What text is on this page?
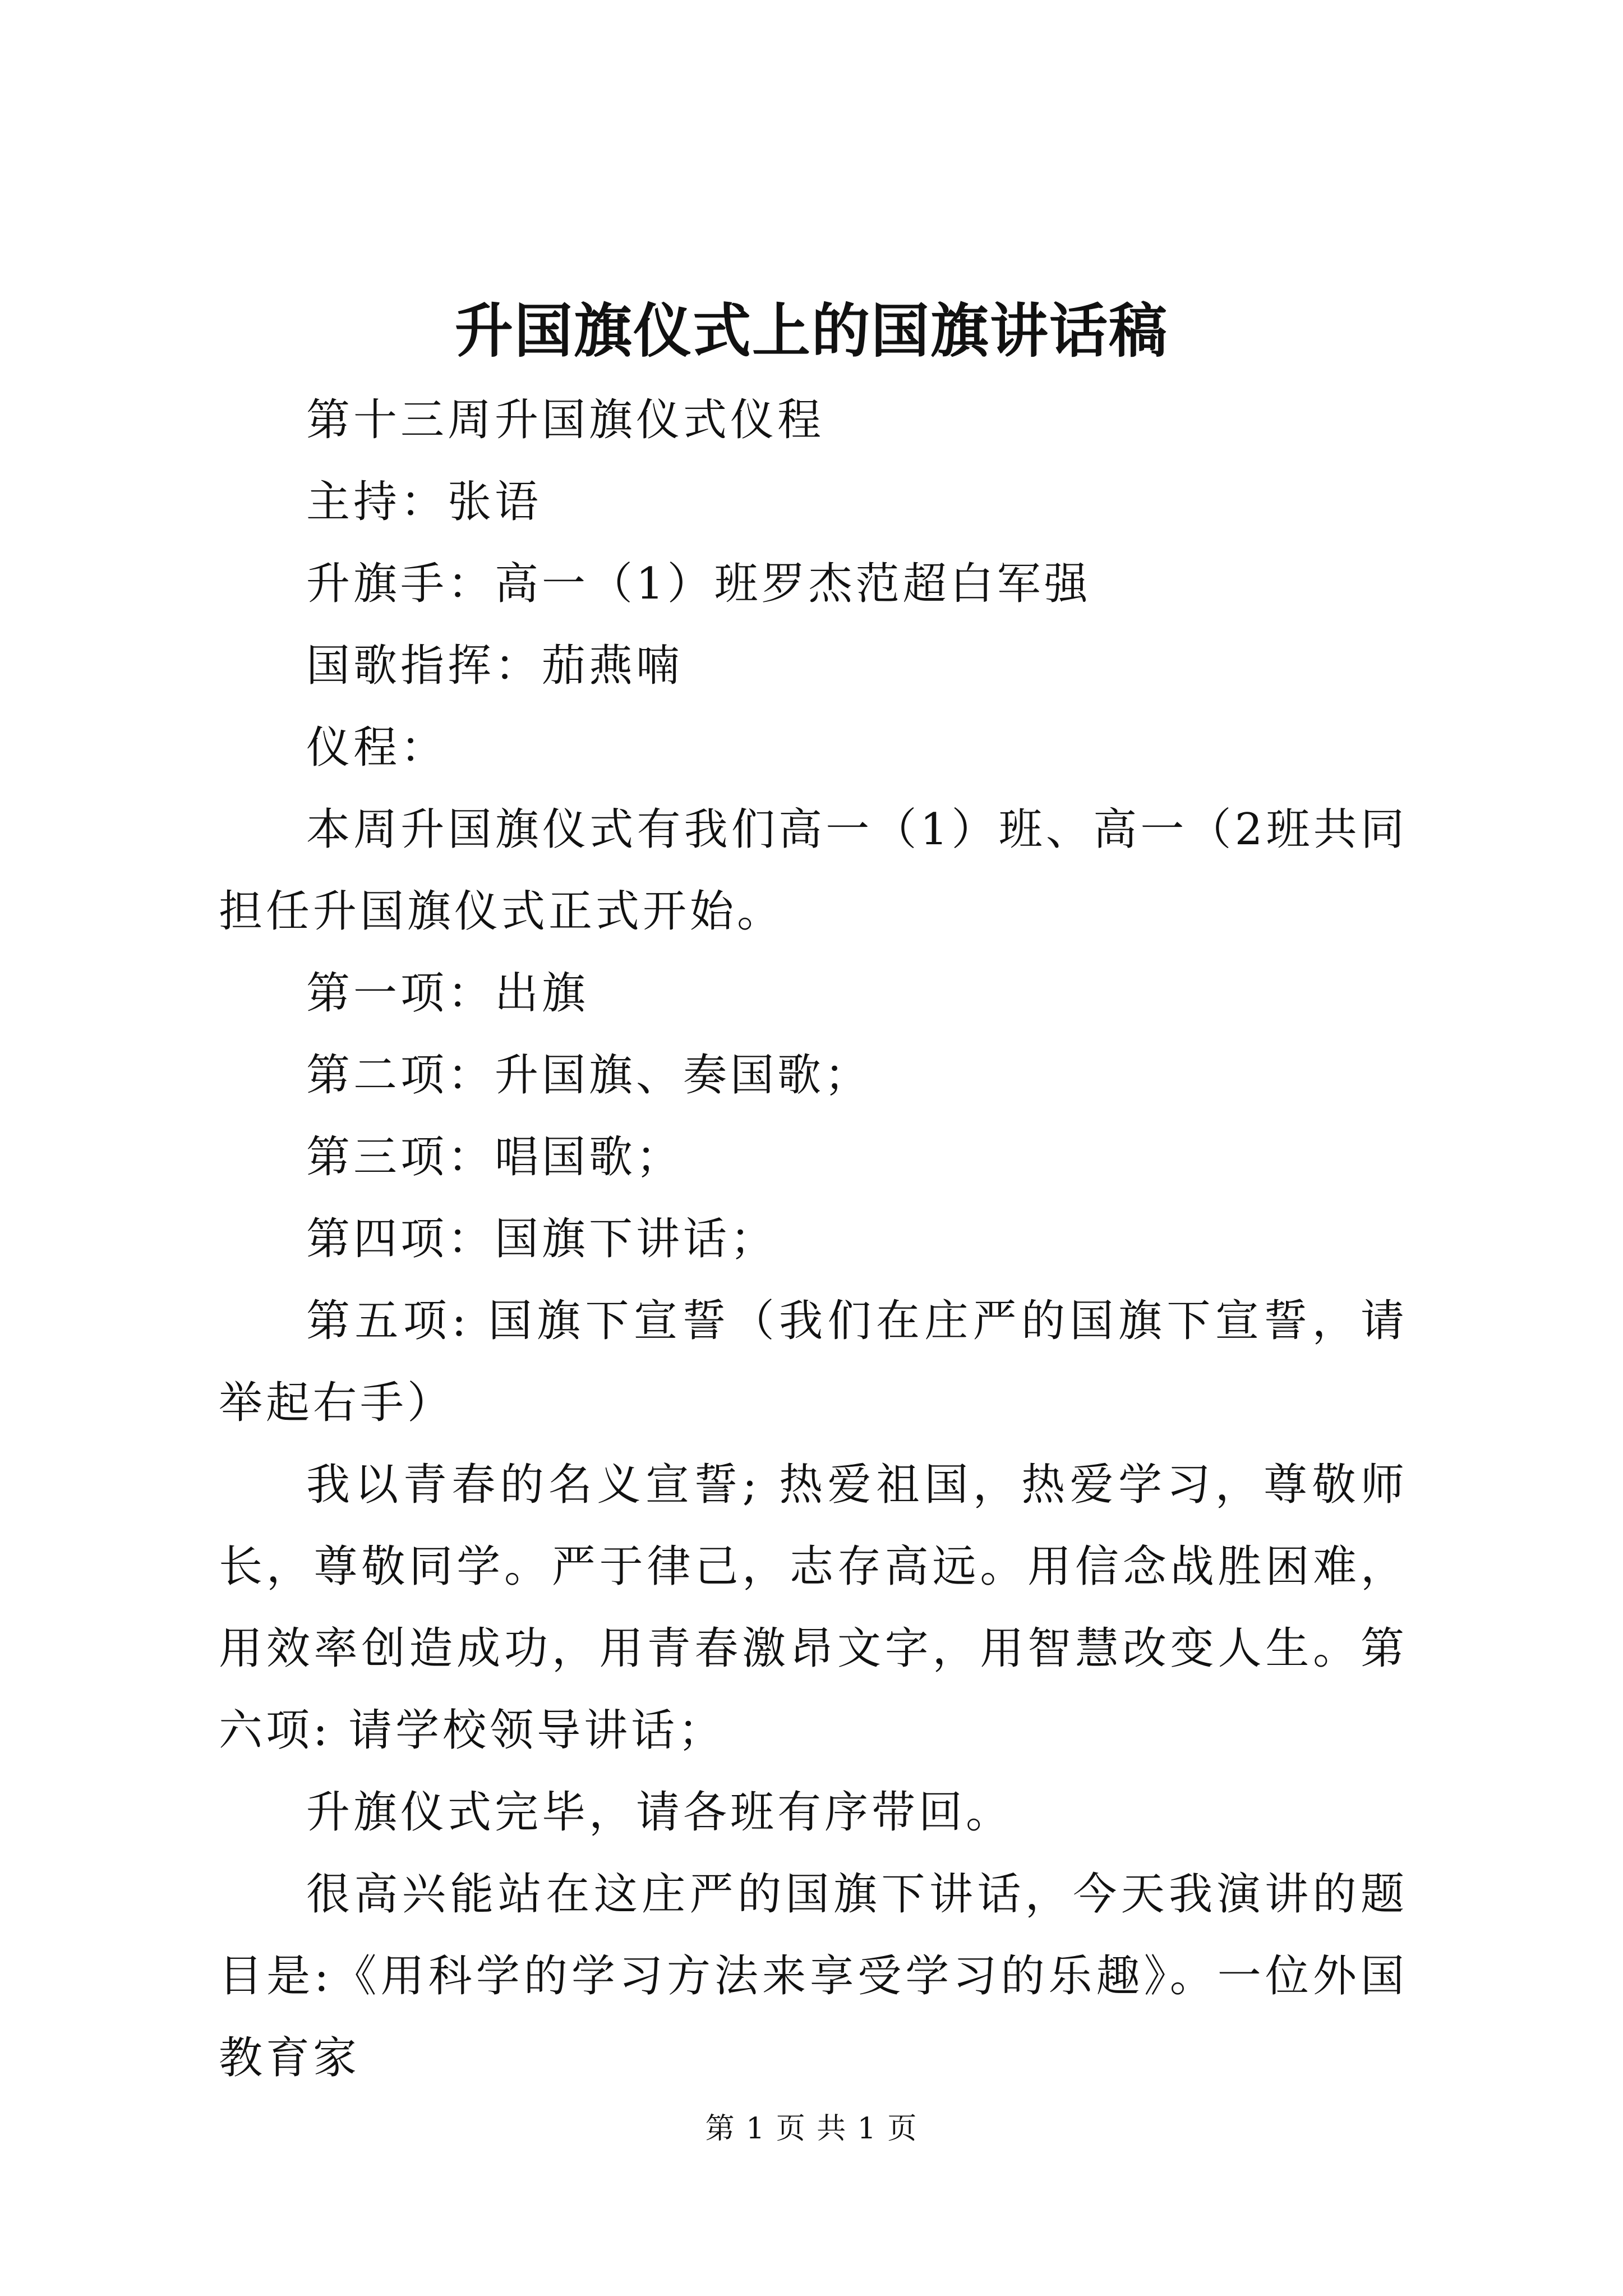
升国旗仪式上的国旗讲话稿

第十三周升国旗仪式仪程

主持：张语

升旗手：高一（1）班罗杰范超白军强

国歌指挥：茄燕喃

仪程：

本周升国旗仪式有我们高一（1）班、高一（2班共同担任升国旗仪式正式开始。

第一项：出旗

第二项：升国旗、奏国歌；

第三项：唱国歌；

第四项：国旗下讲话；

第五项: 国旗下宣誓（我们在庄严的国旗下宣誓，请举起右手）

我以青春的名义宣誓; 热爱祖国，热爱学习，尊敬师长，尊敬同学。严于律己，志存高远。用信念战胜困难，用效率创造成功，用青春激昂文字，用智慧改变人生。第六项: 请学校领导讲话；

升旗仪式完毕，请各班有序带回。

很高兴能站在这庄严的国旗下讲话，今天我演讲的题目是:《用科学的学习方法来享受学习的乐趣》。一位外国教育家

第 1 页 共 1 页
